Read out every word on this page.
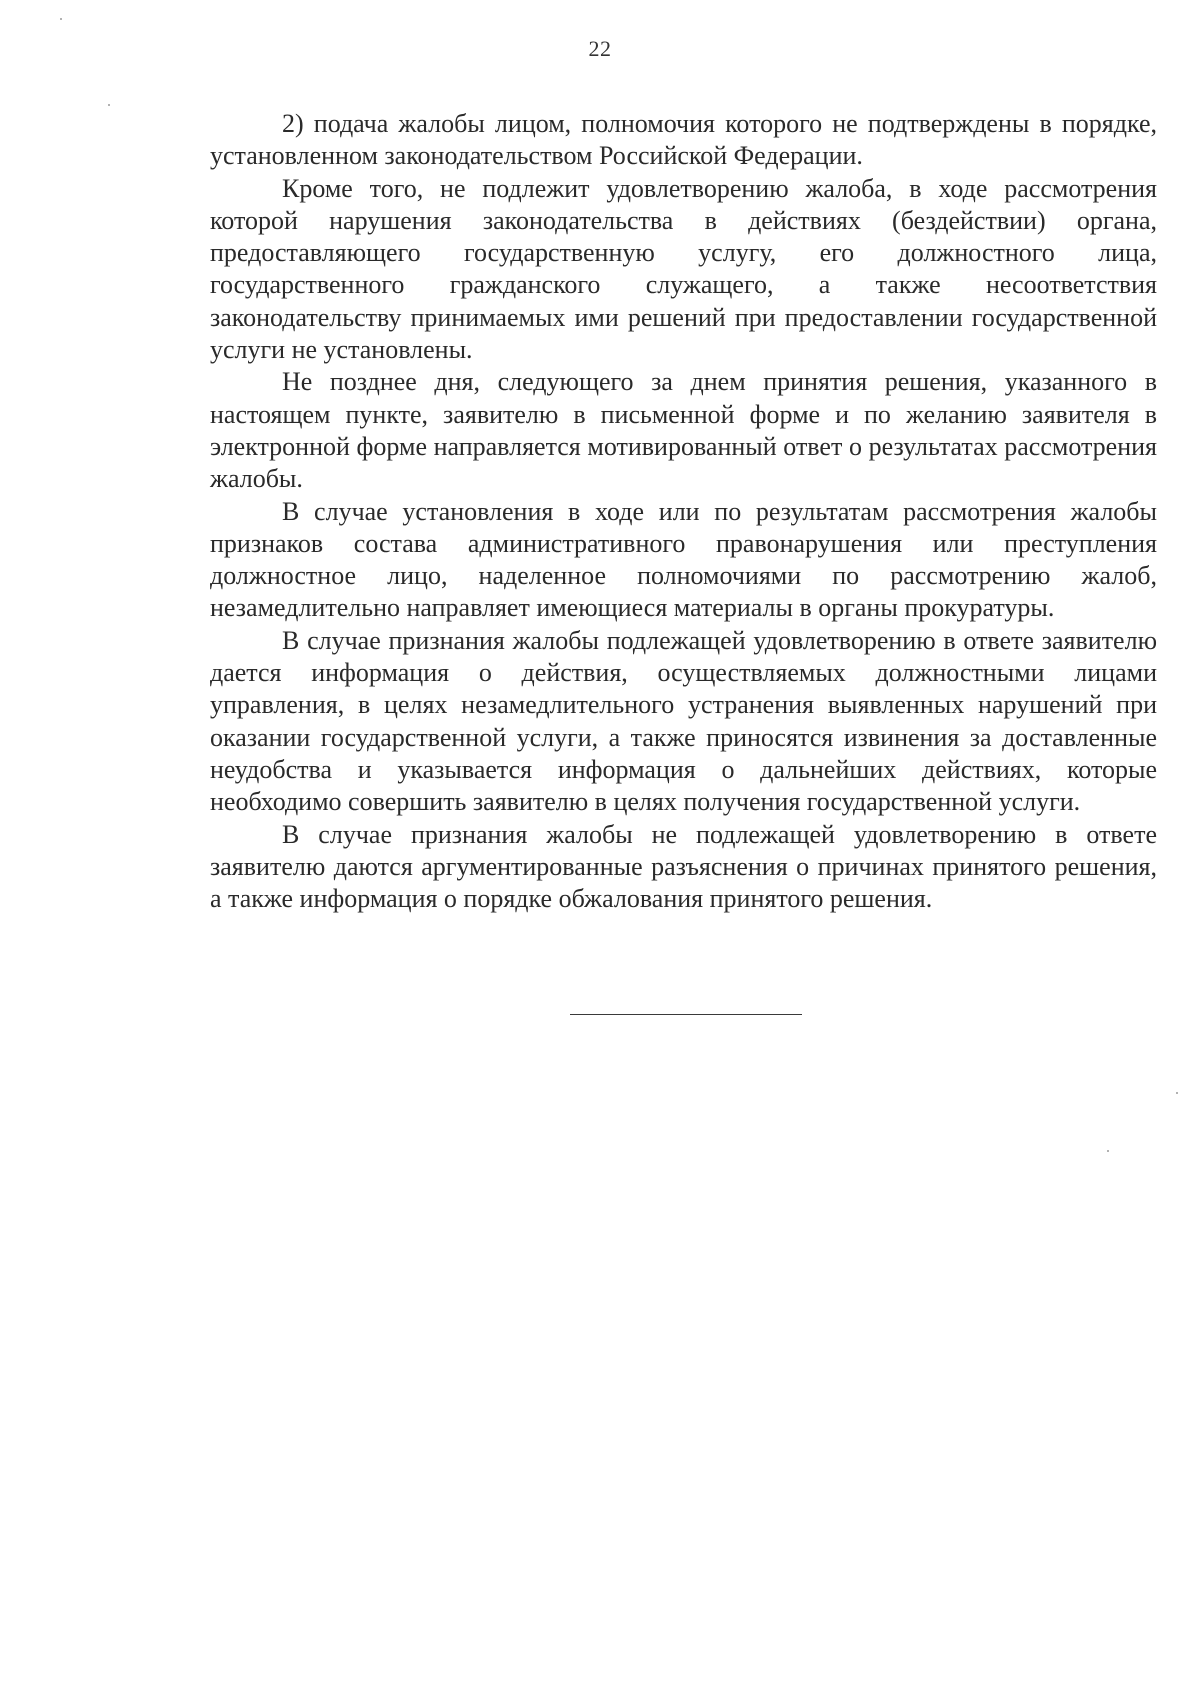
22

2) подача жалобы лицом, полномочия которого не подтверждены в порядке, установленном законодательством Российской Федерации.

Кроме того, не подлежит удовлетворению жалоба, в ходе рассмотрения которой нарушения законодательства в действиях (бездействии) органа, предоставляющего государственную услугу, его должностного лица, государственного гражданского служащего, а также несоответствия законодательству принимаемых ими решений при предоставлении государственной услуги не установлены.

Не позднее дня, следующего за днем принятия решения, указанного в настоящем пункте, заявителю в письменной форме и по желанию заявителя в электронной форме направляется мотивированный ответ о результатах рассмотрения жалобы.

В случае установления в ходе или по результатам рассмотрения жалобы признаков состава административного правонарушения или преступления должностное лицо, наделенное полномочиями по рассмотрению жалоб, незамедлительно направляет имеющиеся материалы в органы прокуратуры.

В случае признания жалобы подлежащей удовлетворению в ответе заявителю дается информация о действия, осуществляемых должностными лицами управления, в целях незамедлительного устранения выявленных нарушений при оказании государственной услуги, а также приносятся извинения за доставленные неудобства и указывается информация о дальнейших действиях, которые необходимо совершить заявителю в целях получения государственной услуги.

В случае признания жалобы не подлежащей удовлетворению в ответе заявителю даются аргументированные разъяснения о причинах принятого решения, а также информация о порядке обжалования принятого решения.
